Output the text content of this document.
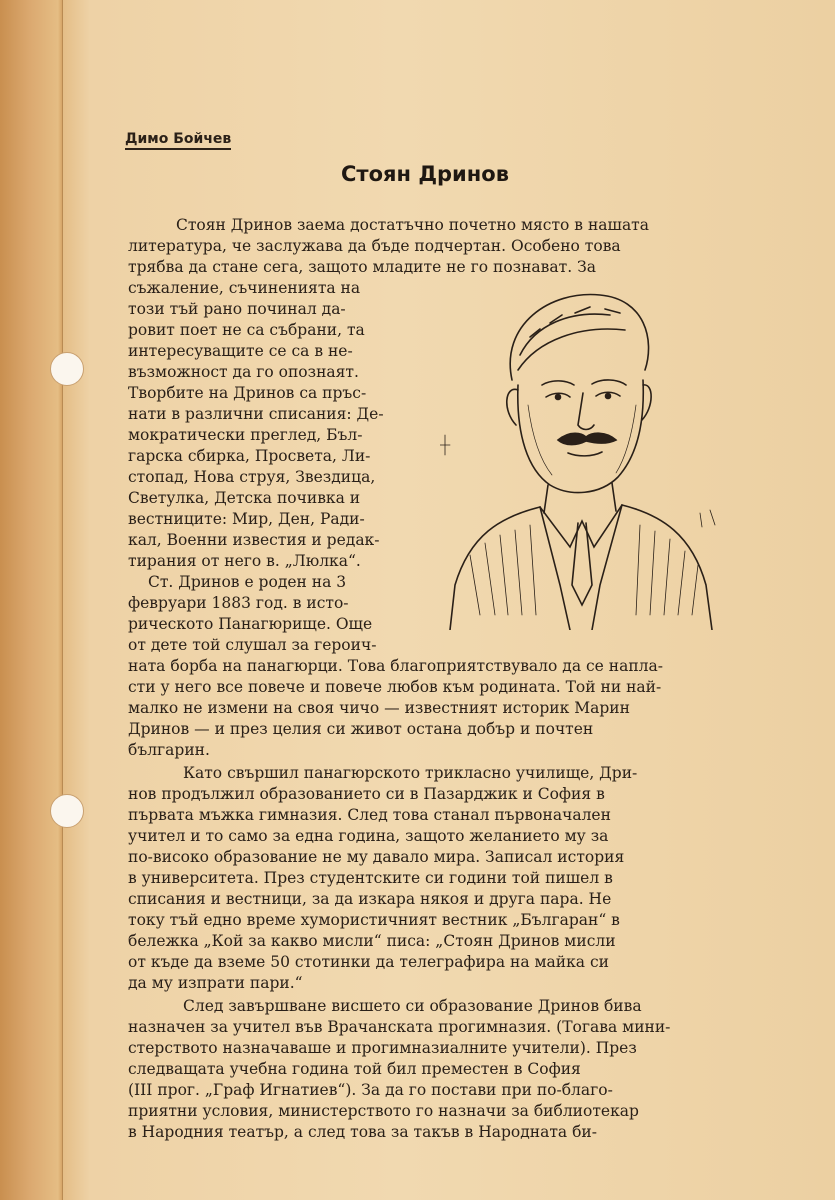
Димо Бойчев
Стоян Дринов
Стоян Дринов заема достатъчно почетно място в нашата
литература, че заслужава да бъде подчертан. Особено това
трябва да стане сега, защото младите не го познават. За
съжаление, съчиненията на
този тъй рано починал да-
ровит поет не са събрани, та
интересуващите се са в не-
възможност да го опознаят.
Творбите на Дринов са пръс-
нати в различни списания: Де-
мократически преглед, Бъл-
гарска сбирка, Просвета, Ли-
стопад, Нова струя, Звездица,
Светулка, Детска почивка и
вестниците: Мир, Ден, Ради-
кал, Военни известия и редак-
тирания от него в. „Люлка“.
Ст. Дринов е роден на 3
февруари 1883 год. в исто-
рическото Панагюрище. Още
от дете той слушал за героич-
ната борба на панагюрци. Това благоприятствувало да се напла-
сти у него все повече и повече любов към родината. Той ни най-
малко не измени на своя чичо — известният историк Марин
Дринов — и през целия си живот остана добър и почтен
българин.
Като свършил панагюрското трикласно училище, Дри-
нов продължил образованието си в Пазарджик и София в
първата мъжка гимназия. След това станал първоначален
учител и то само за една година, защото желанието му за
по-високо образование не му давало мира. Записал история
в университета. През студентските си години той пишел в
списания и вестници, за да изкара някоя и друга пара. Не
току тъй едно време хумористичният вестник „Българан“ в
бележка „Кой за какво мисли“ писа: „Стоян Дринов мисли
от къде да вземе 50 стотинки да телеграфира на майка си
да му изпрати пари.“
След завършване висшето си образование Дринов бива
назначен за учител във Врачанската прогимназия. (Тогава мини-
стерството назначаваше и прогимназиалните учители). През
следващата учебна година той бил преместен в София
(III прог. „Граф Игнатиев“). За да го постави при по-благо-
приятни условия, министерството го назначи за библиотекар
в Народния театър, а след това за такъв в Народната би-
